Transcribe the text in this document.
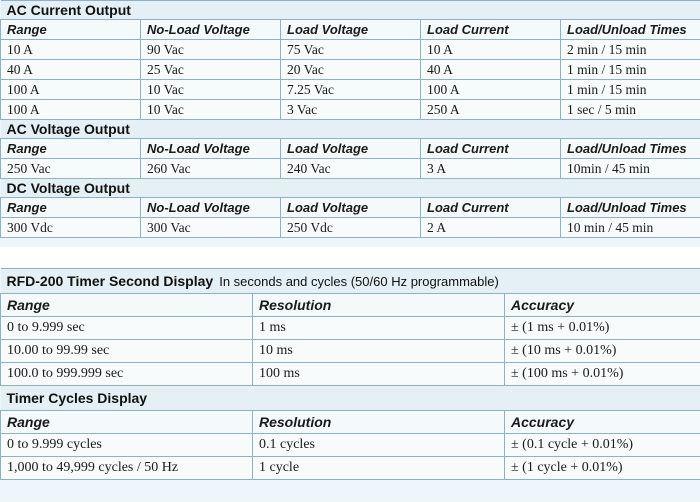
AC Current Output				
Range	No-Load Voltage	Load Voltage	Load Current	Load/Unload Times
10 A	90 Vac	75 Vac	10 A	2 min / 15 min
40 A	25 Vac	20 Vac	40 A	1 min / 15 min
100 A	10 Vac	7.25 Vac	100 A	1 min / 15 min
100 A	10 Vac	3 Vac	250 A	1 sec / 5 min
AC Voltage Output				
Range	No-Load Voltage	Load Voltage	Load Current	Load/Unload Times
250 Vac	260 Vac	240 Vac	3 A	10min / 45 min
DC Voltage Output				
Range	No-Load Voltage	Load Voltage	Load Current	Load/Unload Times
300 Vdc	300 Vac	250 Vdc	2 A	10 min / 45 min
RFD-200 Timer Second Display In seconds and cycles (50/60 Hz programmable)		
Range	Resolution	Accuracy
0 to 9.999 sec	1 ms	± (1 ms + 0.01%)
10.00 to 99.99 sec	10 ms	± (10 ms + 0.01%)
100.0 to 999.999 sec	100 ms	± (100 ms + 0.01%)
Timer Cycles Display		
Range	Resolution	Accuracy
0 to 9.999 cycles	0.1 cycles	± (0.1 cycle + 0.01%)
1,000 to 49,999 cycles / 50 Hz	1 cycle	± (1 cycle + 0.01%)
